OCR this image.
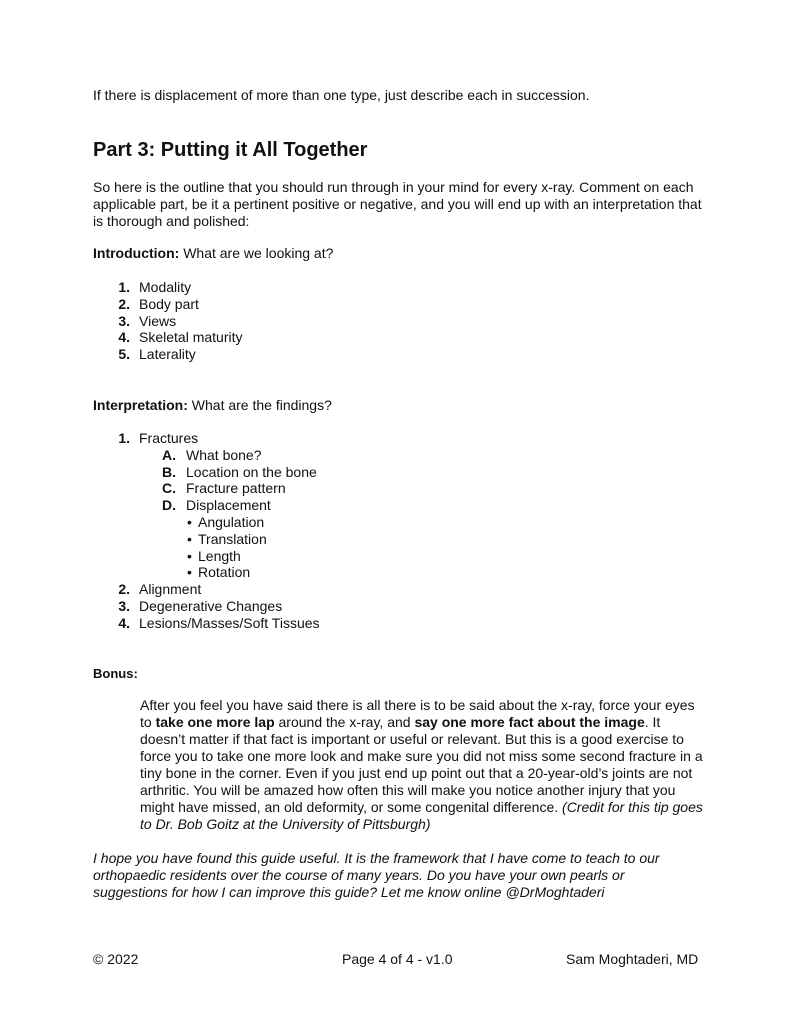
If there is displacement of more than one type, just describe each in succession.
Part 3: Putting it All Together
So here is the outline that you should run through in your mind for every x-ray. Comment on each applicable part, be it a pertinent positive or negative, and you will end up with an interpretation that is thorough and polished:
Introduction: What are we looking at?
1. Modality
2. Body part
3. Views
4. Skeletal maturity
5. Laterality
Interpretation: What are the findings?
1. Fractures
A. What bone?
B. Location on the bone
C. Fracture pattern
D. Displacement
• Angulation
• Translation
• Length
• Rotation
2. Alignment
3. Degenerative Changes
4. Lesions/Masses/Soft Tissues
Bonus:
After you feel you have said there is all there is to be said about the x-ray, force your eyes to take one more lap around the x-ray, and say one more fact about the image. It doesn’t matter if that fact is important or useful or relevant. But this is a good exercise to force you to take one more look and make sure you did not miss some second fracture in a tiny bone in the corner. Even if you just end up point out that a 20-year-old’s joints are not arthritic. You will be amazed how often this will make you notice another injury that you might have missed, an old deformity, or some congenital difference. (Credit for this tip goes to Dr. Bob Goitz at the University of Pittsburgh)
I hope you have found this guide useful. It is the framework that I have come to teach to our orthopaedic residents over the course of many years. Do you have your own pearls or suggestions for how I can improve this guide? Let me know online @DrMoghtaderi
© 2022	Page 4 of 4 - v1.0	Sam Moghtaderi, MD
